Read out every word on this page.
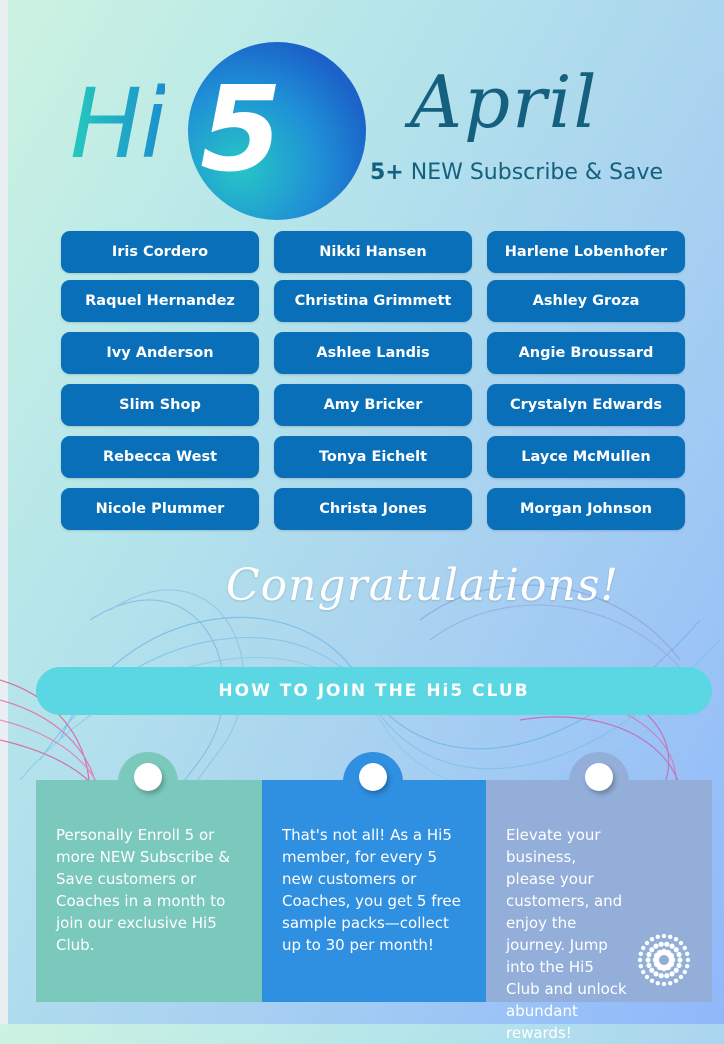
Hi 5 April
5+ NEW Subscribe & Save
Iris Cordero	Nikki Hansen	Harlene Lobenhofer
Raquel Hernandez	Christina Grimmett	Ashley Groza
Ivy Anderson	Ashlee Landis	Angie Broussard
Slim Shop	Amy Bricker	Crystalyn Edwards
Rebecca West	Tonya Eichelt	Layce McMullen
Nicole Plummer	Christa Jones	Morgan Johnson
Congratulations!
HOW TO JOIN THE Hi5 CLUB
Personally Enroll 5 or more NEW Subscribe & Save customers or Coaches in a month to join our exclusive Hi5 Club.
That's not all! As a Hi5 member, for every 5 new customers or Coaches, you get 5 free sample packs—collect up to 30 per month!
Elevate your business, please your customers, and enjoy the journey. Jump into the Hi5 Club and unlock abundant rewards!
